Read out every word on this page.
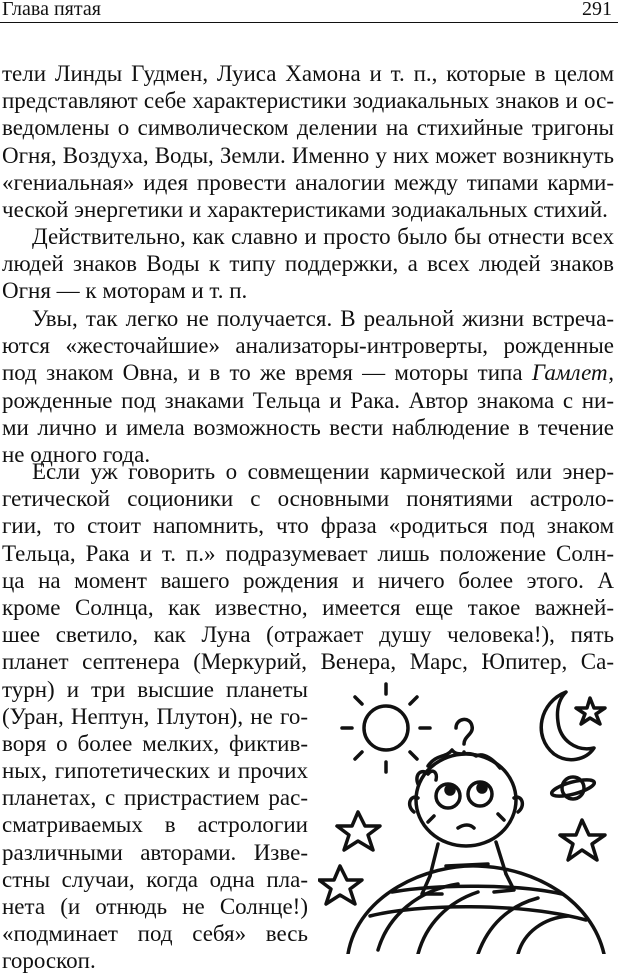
Глава пятая	291
тели Линды Гудмен, Луиса Хамона и т. п., которые в целом
представляют себе характеристики зодиакальных знаков и ос-
ведомлены о символическом делении на стихийные тригоны
Огня, Воздуха, Воды, Земли. Именно у них может возникнуть
«гениальная» идея провести аналогии между типами карми-
ческой энергетики и характеристиками зодиакальных стихий.
Действительно, как славно и просто было бы отнести всех
людей знаков Воды к типу поддержки, а всех людей знаков
Огня — к моторам и т. п.
Увы, так легко не получается. В реальной жизни встреча-
ются «жесточайшие» анализаторы-интроверты, рожденные
под знаком Овна, и в то же время — моторы типа Гамлет,
рожденные под знаками Тельца и Рака. Автор знакома с ни-
ми лично и имела возможность вести наблюдение в течение
не одного года.
Если уж говорить о совмещении кармической или энер-
гетической соционики с основными понятиями астроло-
гии, то стоит напомнить, что фраза «родиться под знаком
Тельца, Рака и т. п.» подразумевает лишь положение Солн-
ца на момент вашего рождения и ничего более этого. А
кроме Солнца, как известно, имеется еще такое важней-
шее светило, как Луна (отражает душу человека!), пять
планет септенера (Меркурий, Венера, Марс, Юпитер, Са-
турн) и три высшие планеты
(Уран, Нептун, Плутон), не го-
воря о более мелких, фиктив-
ных, гипотетических и прочих
планетах, с пристрастием рас-
сматриваемых в астрологии
различными авторами. Изве-
стны случаи, когда одна пла-
нета (и отнюдь не Солнце!)
«подминает под себя» весь
гороскоп.
?
